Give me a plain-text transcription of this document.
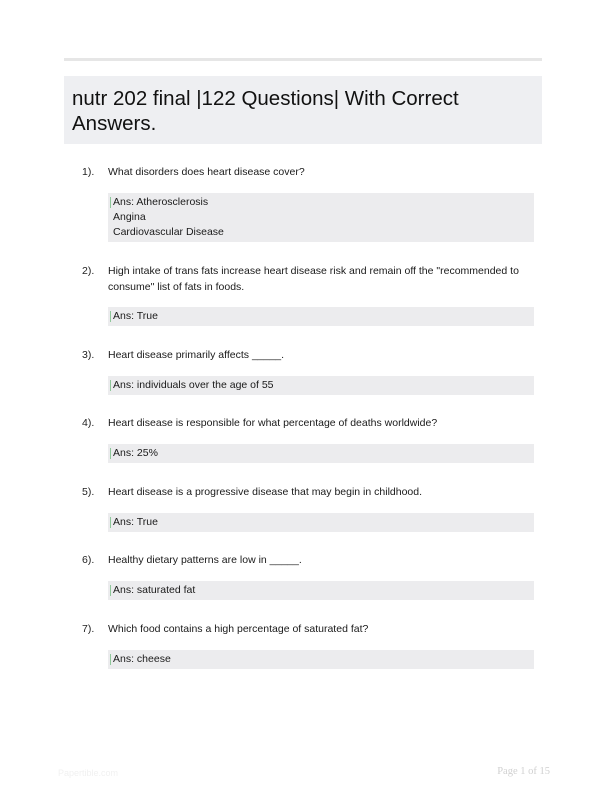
nutr 202 final |122 Questions| With Correct Answers.
1).	What disorders does heart disease cover?
Ans: Atherosclerosis
Angina
Cardiovascular Disease
2).	High intake of trans fats increase heart disease risk and remain off the "recommended to consume" list of fats in foods.
Ans: True
3).	Heart disease primarily affects _____.
Ans: individuals over the age of 55
4).	Heart disease is responsible for what percentage of deaths worldwide?
Ans: 25%
5).	Heart disease is a progressive disease that may begin in childhood.
Ans: True
6).	Healthy dietary patterns are low in _____.
Ans: saturated fat
7).	Which food contains a high percentage of saturated fat?
Ans: cheese
Papertible.com	Page 1 of 15
